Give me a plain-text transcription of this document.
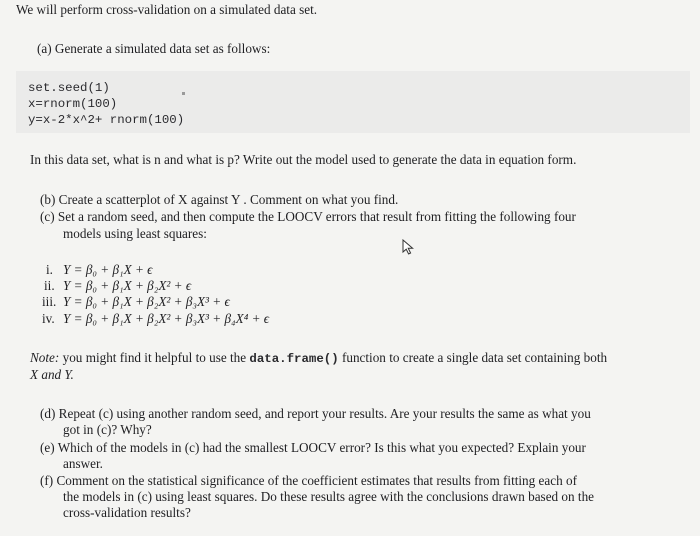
We will perform cross-validation on a simulated data set.
(a) Generate a simulated data set as follows:
set.seed(1)
x=rnorm(100)
y=x-2*x^2+ rnorm(100)
In this data set, what is n and what is p? Write out the model used to generate the data in equation form.
(b) Create a scatterplot of X against Y . Comment on what you find.
(c) Set a random seed, and then compute the LOOCV errors that result from fitting the following four
models using least squares:
i. Y = β₀ + β₁X + ϵ
ii. Y = β₀ + β₁X + β₂X² + ϵ
iii. Y = β₀ + β₁X + β₂X² + β₃X³ + ϵ
iv. Y = β₀ + β₁X + β₂X² + β₃X³ + β₄X⁴ + ϵ
Note: you might find it helpful to use the data.frame() function to create a single data set containing both
X and Y.
(d) Repeat (c) using another random seed, and report your results. Are your results the same as what you
got in (c)? Why?
(e) Which of the models in (c) had the smallest LOOCV error? Is this what you expected? Explain your
answer.
(f) Comment on the statistical significance of the coefficient estimates that results from fitting each of
the models in (c) using least squares. Do these results agree with the conclusions drawn based on the
cross-validation results?
